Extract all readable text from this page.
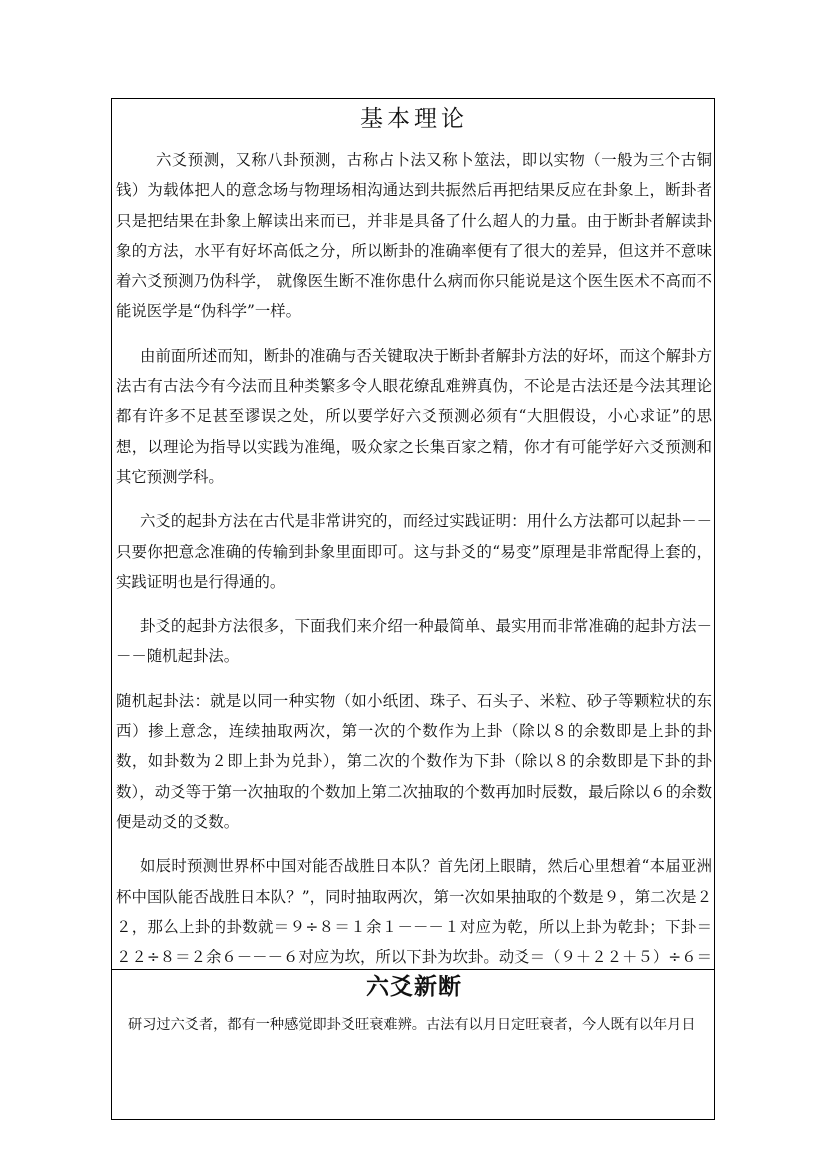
基本理论

六爻预测，又称八卦预测，古称占卜法又称卜筮法，即以实物（一般为三个古铜钱）为载体把人的意念场与物理场相沟通达到共振然后再把结果反应在卦象上，断卦者只是把结果在卦象上解读出来而已，并非是具备了什么超人的力量。由于断卦者解读卦象的方法，水平有好坏高低之分，所以断卦的准确率便有了很大的差异，但这并不意味着六爻预测乃伪科学， 就像医生断不准你患什么病而你只能说是这个医生医术不高而不能说医学是“伪科学”一样。

由前面所述而知，断卦的准确与否关键取决于断卦者解卦方法的好坏，而这个解卦方法古有古法今有今法而且种类繁多令人眼花缭乱难辨真伪，不论是古法还是今法其理论都有许多不足甚至谬误之处，所以要学好六爻预测必须有“大胆假设，小心求证”的思想，以理论为指导以实践为准绳，吸众家之长集百家之精，你才有可能学好六爻预测和其它预测学科。

六爻的起卦方法在古代是非常讲究的，而经过实践证明：用什么方法都可以起卦－－只要你把意念准确的传输到卦象里面即可。这与卦爻的“易变”原理是非常配得上套的，实践证明也是行得通的。

卦爻的起卦方法很多，下面我们来介绍一种最简单、最实用而非常准确的起卦方法－－－随机起卦法。

随机起卦法：就是以同一种实物（如小纸团、珠子、石头子、米粒、砂子等颗粒状的东西）掺上意念，连续抽取两次，第一次的个数作为上卦（除以８的余数即是上卦的卦数，如卦数为２即上卦为兑卦），第二次的个数作为下卦（除以８的余数即是下卦的卦数），动爻等于第一次抽取的个数加上第二次抽取的个数再加时辰数，最后除以６的余数便是动爻的爻数。

如辰时预测世界杯中国对能否战胜日本队？首先闭上眼睛，然后心里想着“本届亚洲杯中国队能否战胜日本队？”，同时抽取两次，第一次如果抽取的个数是９，第二次是２２，那么上卦的卦数就＝９÷８＝１余１－－－１对应为乾，所以上卦为乾卦；下卦＝２２÷８＝２余６－－－６对应为坎，所以下卦为坎卦。动爻＝（９＋２２＋５）÷６＝

六爻新断

研习过六爻者，都有一种感觉即卦爻旺衰难辨。古法有以月日定旺衰者，今人既有以年月日
